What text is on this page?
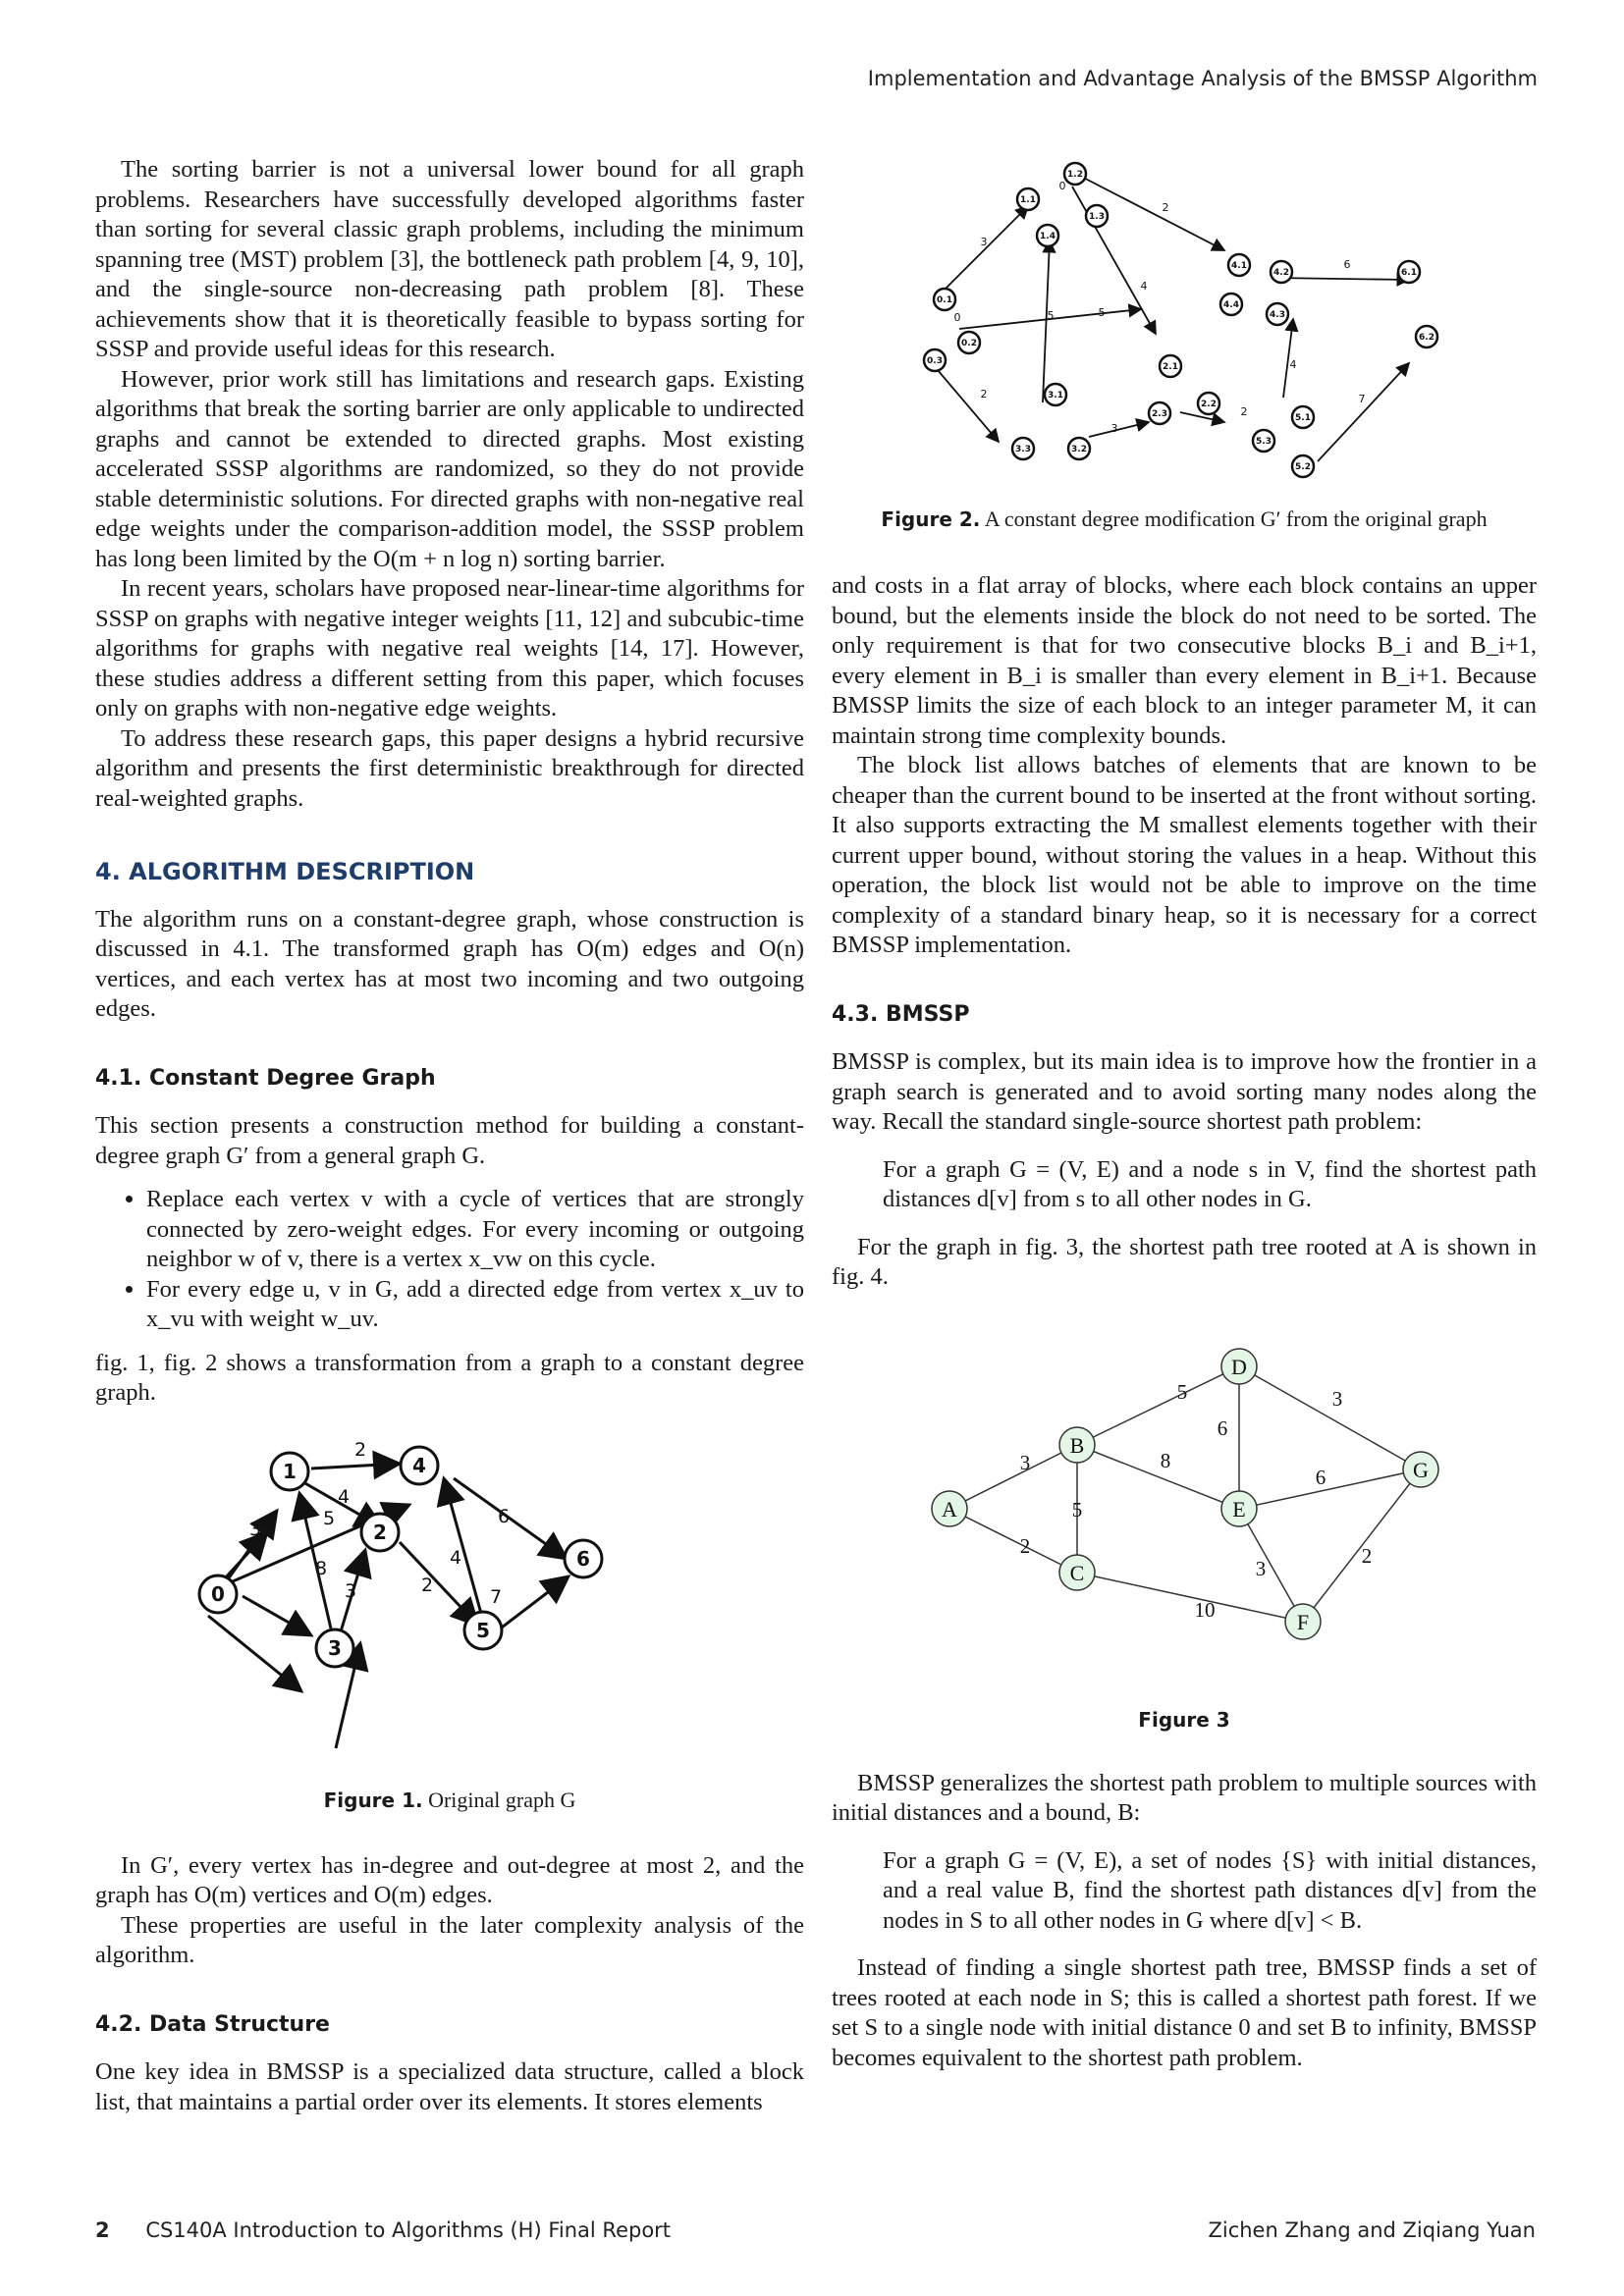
Implementation and Advantage Analysis of the BMSSP Algorithm

The sorting barrier is not a universal lower bound for all graph problems. Researchers have successfully developed algorithms faster than sorting for several classic graph problems, including the minimum spanning tree (MST) problem [3], the bottleneck path problem [4, 9, 10], and the single-source non-decreasing path problem [8]. These achievements show that it is theoretically feasible to bypass sorting for SSSP and provide useful ideas for this research.

However, prior work still has limitations and research gaps. Existing algorithms that break the sorting barrier are only applicable to undirected graphs and cannot be extended to directed graphs. Most existing accelerated SSSP algorithms are randomized, so they do not provide stable deterministic solutions. For directed graphs with non-negative real edge weights under the comparison-addition model, the SSSP problem has long been limited by the O(m + n log n) sorting barrier.

In recent years, scholars have proposed near-linear-time algorithms for SSSP on graphs with negative integer weights [11, 12] and subcubic-time algorithms for graphs with negative real weights [14, 17]. However, these studies address a different setting from this paper, which focuses only on graphs with non-negative edge weights.

To address these research gaps, this paper designs a hybrid recursive algorithm and presents the first deterministic breakthrough for directed real-weighted graphs.

4. ALGORITHM DESCRIPTION

The algorithm runs on a constant-degree graph, whose construction is discussed in 4.1. The transformed graph has O(m) edges and O(n) vertices, and each vertex has at most two incoming and two outgoing edges.

4.1. Constant Degree Graph

This section presents a construction method for building a constant-degree graph G′ from a general graph G.

• Replace each vertex v with a cycle of vertices that are strongly connected by zero-weight edges. For every incoming or outgoing neighbor w of v, there is a vertex x_vw on this cycle.
• For every edge u, v in G, add a directed edge from vertex x_uv to x_vu with weight w_uv.

fig. 1, fig. 2 shows a transformation from a graph to a constant degree graph.

0
1
2
3
4
5
6
2
4
5
3
8
3
2
4
2
6
7
Figure 1. Original graph G

In G′, every vertex has in-degree and out-degree at most 2, and the graph has O(m) vertices and O(m) edges.

These properties are useful in the later complexity analysis of the algorithm.

4.2. Data Structure

One key idea in BMSSP is a specialized data structure, called a block list, that maintains a partial order over its elements. It stores elements

1.1
1.2
1.3
1.4
0.1
0.2
0.3
4.1
4.2
4.3
4.4
6.1
6.2
2.1
2.2
2.3
3.1
3.2
3.3
5.1
5.2
5.3
3
2
4
5	5
6
4
2
3
2
7
0
0
Figure 2. A constant degree modification G′ from the original graph

and costs in a flat array of blocks, where each block contains an upper bound, but the elements inside the block do not need to be sorted. The only requirement is that for two consecutive blocks B_i and B_i+1, every element in B_i is smaller than every element in B_i+1. Because BMSSP limits the size of each block to an integer parameter M, it can maintain strong time complexity bounds.

The block list allows batches of elements that are known to be cheaper than the current bound to be inserted at the front without sorting. It also supports extracting the M smallest elements together with their current upper bound, without storing the values in a heap. Without this operation, the block list would not be able to improve on the time complexity of a standard binary heap, so it is necessary for a correct BMSSP implementation.

4.3. BMSSP

BMSSP is complex, but its main idea is to improve how the frontier in a graph search is generated and to avoid sorting many nodes along the way. Recall the standard single-source shortest path problem:

For a graph G = (V, E) and a node s in V, find the shortest path distances d[v] from s to all other nodes in G.

For the graph in fig. 3, the shortest path tree rooted at A is shown in fig. 4.

A
B
C
D
E
F
G
3
2
5
8
5
6
3
6
3
2
10
Figure 3

BMSSP generalizes the shortest path problem to multiple sources with initial distances and a bound, B:

For a graph G = (V, E), a set of nodes {S} with initial distances, and a real value B, find the shortest path distances d[v] from the nodes in S to all other nodes in G where d[v] < B.

Instead of finding a single shortest path tree, BMSSP finds a set of trees rooted at each node in S; this is called a shortest path forest. If we set S to a single node with initial distance 0 and set B to infinity, BMSSP becomes equivalent to the shortest path problem.

2 CS140A Introduction to Algorithms (H) Final Report	Zichen Zhang and Ziqiang Yuan
